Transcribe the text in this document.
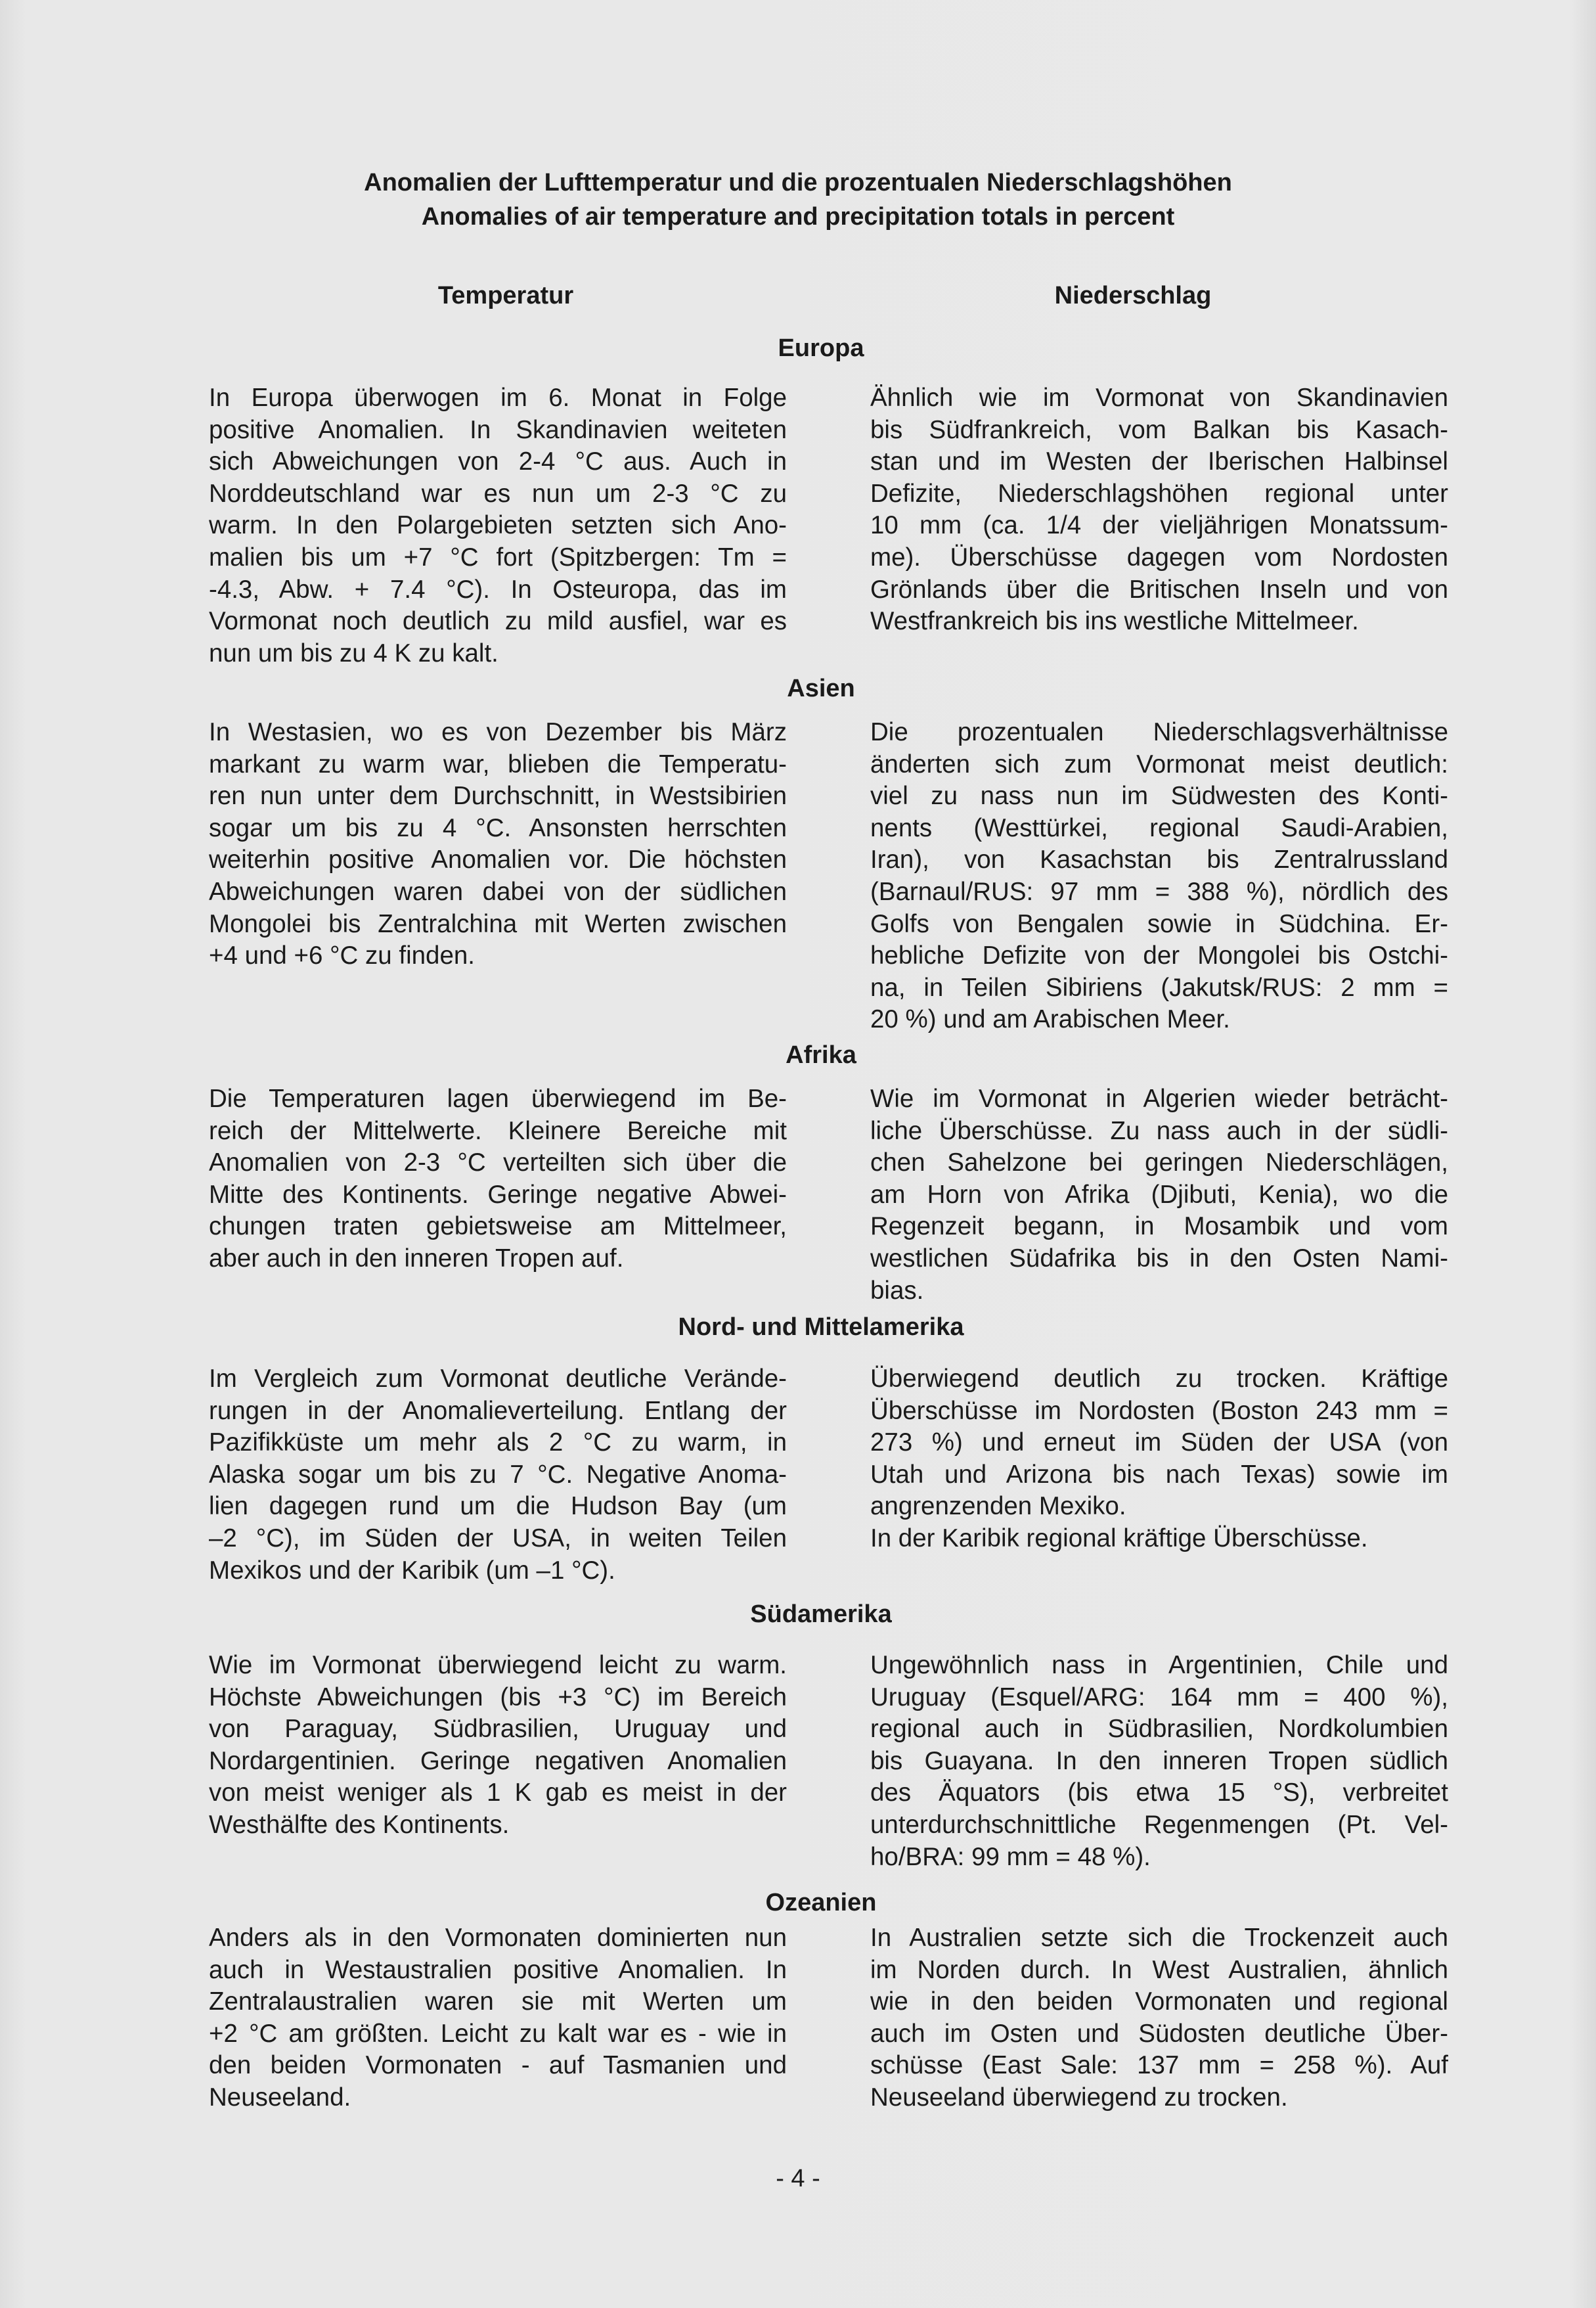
Anomalien der Lufttemperatur und die prozentualen Niederschlagshöhen
Anomalies of air temperature and precipitation totals in percent
Temperatur	Niederschlag
Europa
In Europa überwogen im 6. Monat in Folge
positive Anomalien. In Skandinavien weiteten
sich Abweichungen von 2-4 °C aus. Auch in
Norddeutschland war es nun um 2-3 °C zu
warm. In den Polargebieten setzten sich Ano-
malien bis um +7 °C fort (Spitzbergen: Tm =
-4.3, Abw. + 7.4 °C). In Osteuropa, das im
Vormonat noch deutlich zu mild ausfiel, war es
nun um bis zu 4 K zu kalt.
Ähnlich wie im Vormonat von Skandinavien
bis Südfrankreich, vom Balkan bis Kasach-
stan und im Westen der Iberischen Halbinsel
Defizite, Niederschlagshöhen regional unter
10 mm (ca. 1/4 der vieljährigen Monatssum-
me). Überschüsse dagegen vom Nordosten
Grönlands über die Britischen Inseln und von
Westfrankreich bis ins westliche Mittelmeer.
Asien
In Westasien, wo es von Dezember bis März
markant zu warm war, blieben die Temperatu-
ren nun unter dem Durchschnitt, in Westsibirien
sogar um bis zu 4 °C. Ansonsten herrschten
weiterhin positive Anomalien vor. Die höchsten
Abweichungen waren dabei von der südlichen
Mongolei bis Zentralchina mit Werten zwischen
+4 und +6 °C zu finden.
Die prozentualen Niederschlagsverhältnisse
änderten sich zum Vormonat meist deutlich:
viel zu nass nun im Südwesten des Konti-
nents (Westtürkei, regional Saudi-Arabien,
Iran), von Kasachstan bis Zentralrussland
(Barnaul/RUS: 97 mm = 388 %), nördlich des
Golfs von Bengalen sowie in Südchina. Er-
hebliche Defizite von der Mongolei bis Ostchi-
na, in Teilen Sibiriens (Jakutsk/RUS: 2 mm =
20 %) und am Arabischen Meer.
Afrika
Die Temperaturen lagen überwiegend im Be-
reich der Mittelwerte. Kleinere Bereiche mit
Anomalien von 2-3 °C verteilten sich über die
Mitte des Kontinents. Geringe negative Abwei-
chungen traten gebietsweise am Mittelmeer,
aber auch in den inneren Tropen auf.
Wie im Vormonat in Algerien wieder beträcht-
liche Überschüsse. Zu nass auch in der südli-
chen Sahelzone bei geringen Niederschlägen,
am Horn von Afrika (Djibuti, Kenia), wo die
Regenzeit begann, in Mosambik und vom
westlichen Südafrika bis in den Osten Nami-
bias.
Nord- und Mittelamerika
Im Vergleich zum Vormonat deutliche Verände-
rungen in der Anomalieverteilung. Entlang der
Pazifikküste um mehr als 2 °C zu warm, in
Alaska sogar um bis zu 7 °C. Negative Anoma-
lien dagegen rund um die Hudson Bay (um
–2 °C), im Süden der USA, in weiten Teilen
Mexikos und der Karibik (um –1 °C).
Überwiegend deutlich zu trocken. Kräftige
Überschüsse im Nordosten (Boston 243 mm =
273 %) und erneut im Süden der USA (von
Utah und Arizona bis nach Texas) sowie im
angrenzenden Mexiko.
In der Karibik regional kräftige Überschüsse.
Südamerika
Wie im Vormonat überwiegend leicht zu warm.
Höchste Abweichungen (bis +3 °C) im Bereich
von Paraguay, Südbrasilien, Uruguay und
Nordargentinien. Geringe negativen Anomalien
von meist weniger als 1 K gab es meist in der
Westhälfte des Kontinents.
Ungewöhnlich nass in Argentinien, Chile und
Uruguay (Esquel/ARG: 164 mm = 400 %),
regional auch in Südbrasilien, Nordkolumbien
bis Guayana. In den inneren Tropen südlich
des Äquators (bis etwa 15 °S), verbreitet
unterdurchschnittliche Regenmengen (Pt. Vel-
ho/BRA: 99 mm = 48 %).
Ozeanien
Anders als in den Vormonaten dominierten nun
auch in Westaustralien positive Anomalien. In
Zentralaustralien waren sie mit Werten um
+2 °C am größten. Leicht zu kalt war es - wie in
den beiden Vormonaten - auf Tasmanien und
Neuseeland.
In Australien setzte sich die Trockenzeit auch
im Norden durch. In West Australien, ähnlich
wie in den beiden Vormonaten und regional
auch im Osten und Südosten deutliche Über-
schüsse (East Sale: 137 mm = 258 %). Auf
Neuseeland überwiegend zu trocken.
- 4 -
